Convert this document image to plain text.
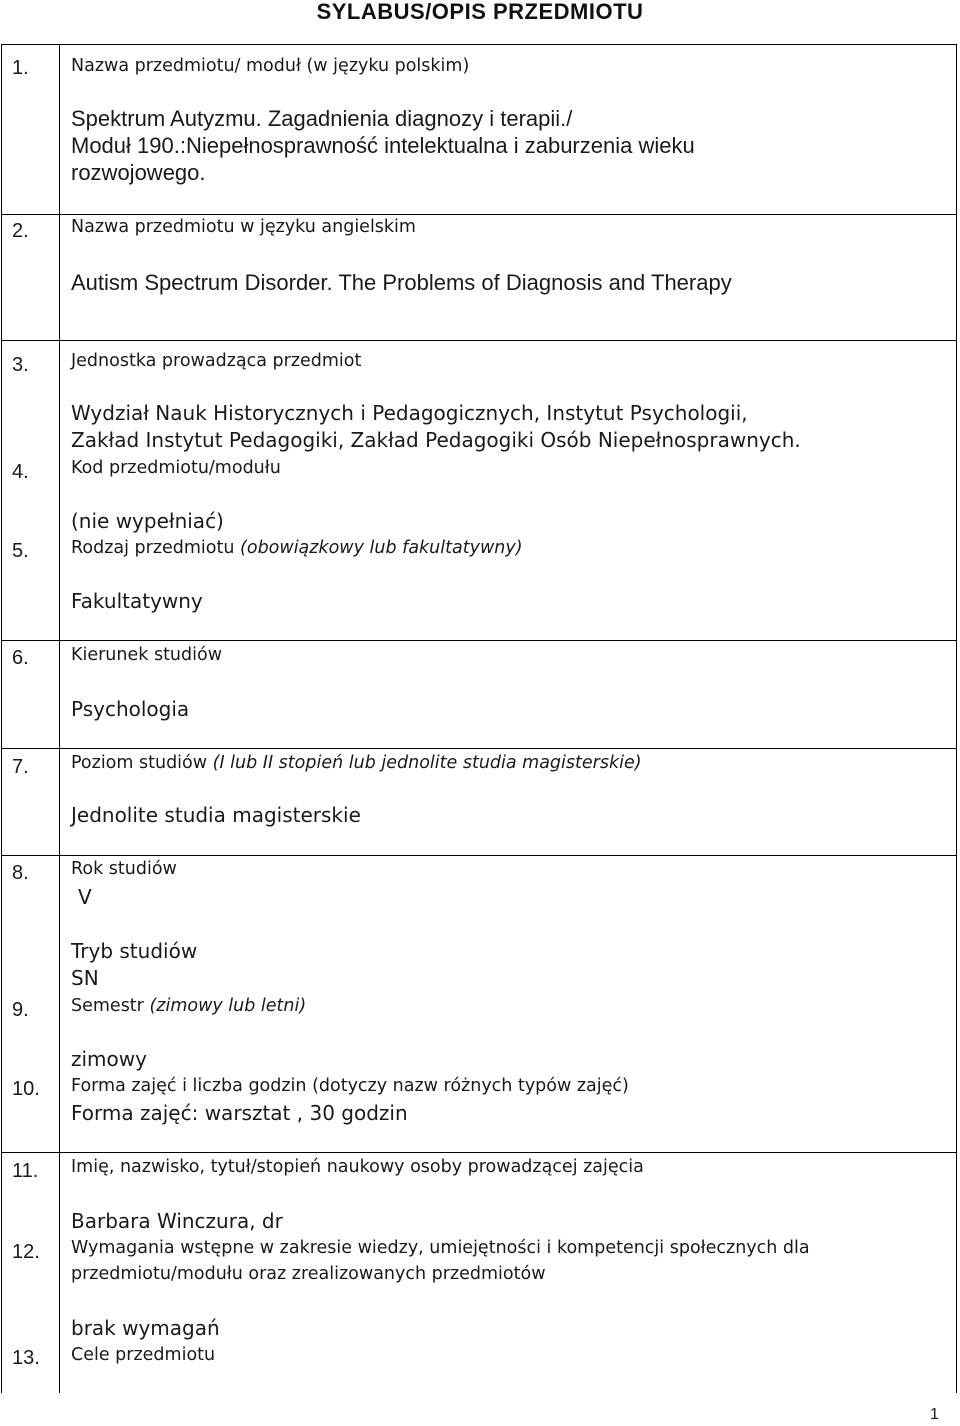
SYLABUS/OPIS PRZEDMIOTU
1. Nazwa przedmiotu/ moduł (w języku polskim)
Spektrum Autyzmu. Zagadnienia diagnozy i terapii./
Moduł 190.:Niepełnosprawność intelektualna i zaburzenia wieku
rozwojowego.
2. Nazwa przedmiotu w języku angielskim
Autism Spectrum Disorder. The Problems of Diagnosis and Therapy
3. Jednostka prowadząca przedmiot
Wydział Nauk Historycznych i Pedagogicznych, Instytut Psychologii,
Zakład Instytut Pedagogiki, Zakład Pedagogiki Osób Niepełnosprawnych.
4. Kod przedmiotu/modułu
(nie wypełniać)
5. Rodzaj przedmiotu (obowiązkowy lub fakultatywny)
Fakultatywny
6. Kierunek studiów
Psychologia
7. Poziom studiów (I lub II stopień lub jednolite studia magisterskie)
Jednolite studia magisterskie
8. Rok studiów
V
Tryb studiów
SN
9. Semestr (zimowy lub letni)
zimowy
10. Forma zajęć i liczba godzin (dotyczy nazw różnych typów zajęć)
Forma zajęć: warsztat , 30 godzin
11. Imię, nazwisko, tytuł/stopień naukowy osoby prowadzącej zajęcia
Barbara Winczura, dr
12. Wymagania wstępne w zakresie wiedzy, umiejętności i kompetencji społecznych dla
przedmiotu/modułu oraz zrealizowanych przedmiotów
brak wymagań
13. Cele przedmiotu
1
